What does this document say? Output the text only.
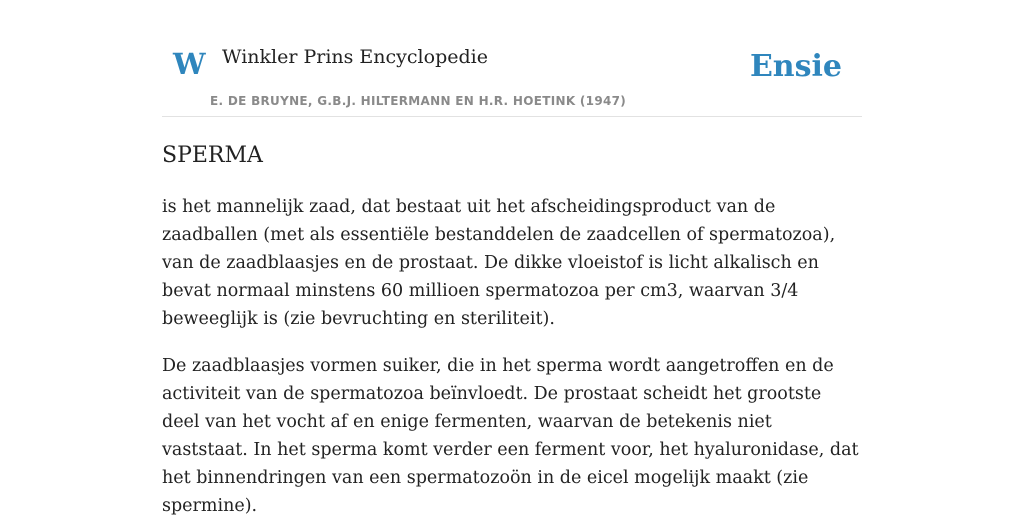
W Winkler Prins Encyclopedie
E. DE BRUYNE, G.B.J. HILTERMANN EN H.R. HOETINK (1947)
Ensie
SPERMA

is het mannelijk zaad, dat bestaat uit het afscheidingsproduct van de zaadballen (met als essentiële bestanddelen de zaadcellen of spermatozoa), van de zaadblaasjes en de prostaat. De dikke vloeistof is licht alkalisch en bevat normaal minstens 60 millioen spermatozoa per cm3, waarvan 3/4 beweeglijk is (zie bevruchting en steriliteit).

De zaadblaasjes vormen suiker, die in het sperma wordt aangetroffen en de activiteit van de spermatozoa beïnvloedt. De prostaat scheidt het grootste deel van het vocht af en enige fermenten, waarvan de betekenis niet vaststaat. In het sperma komt verder een ferment voor, het hyaluronidase, dat het binnendringen van een spermatozoön in de eicel mogelijk maakt (zie spermine).
